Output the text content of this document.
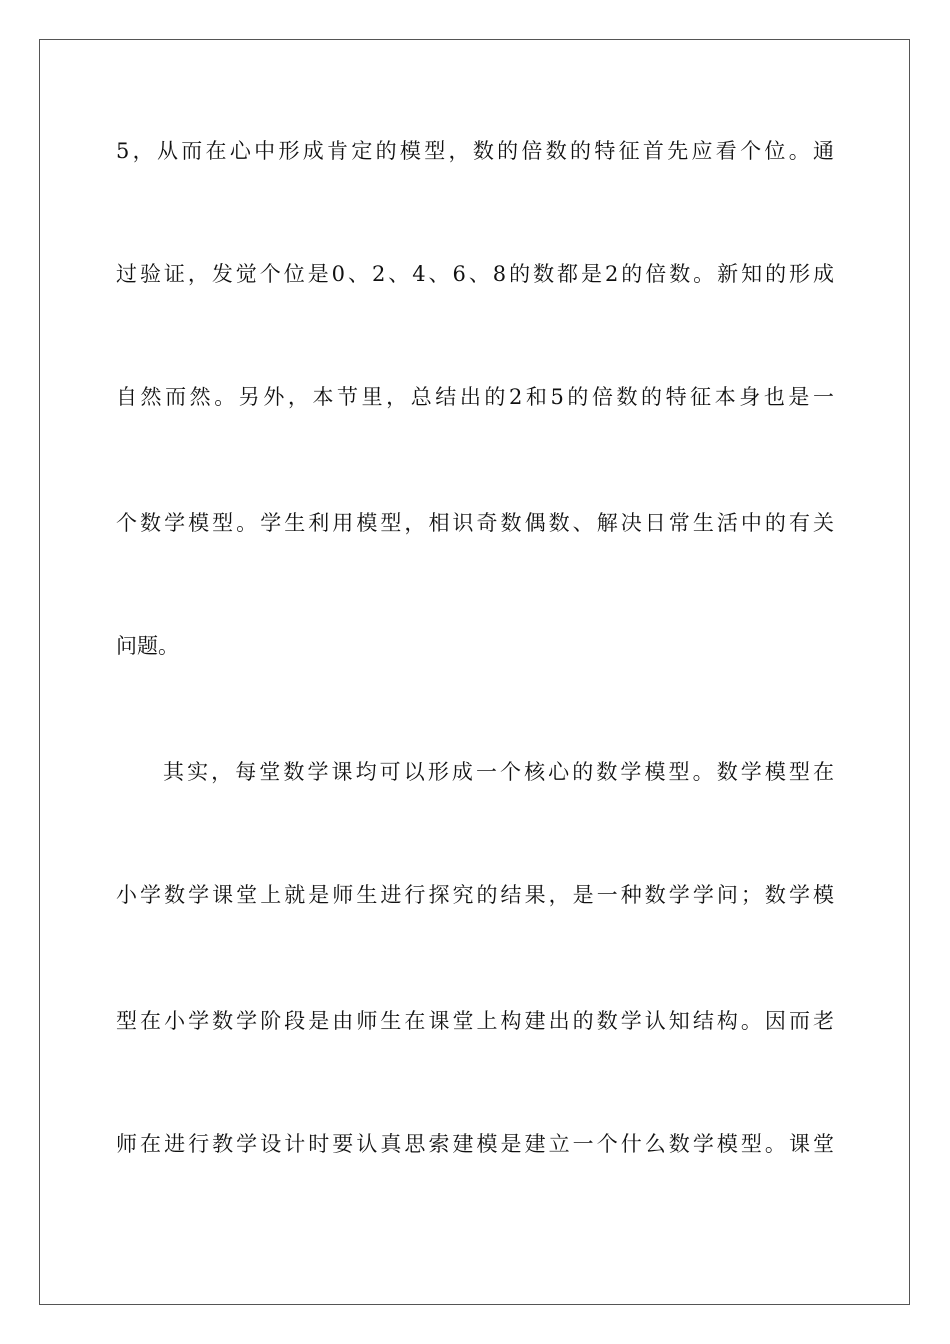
5，从而在心中形成肯定的模型，数的倍数的特征首先应看个位。通

过验证，发觉个位是0、2、4、6、8的数都是2的倍数。新知的形成

自然而然。另外，本节里，总结出的2和5的倍数的特征本身也是一

个数学模型。学生利用模型，相识奇数偶数、解决日常生活中的有关

问题。

其实，每堂数学课均可以形成一个核心的数学模型。数学模型在

小学数学课堂上就是师生进行探究的结果，是一种数学学问；数学模

型在小学数学阶段是由师生在课堂上构建出的数学认知结构。因而老

师在进行教学设计时要认真思索建模是建立一个什么数学模型。课堂
